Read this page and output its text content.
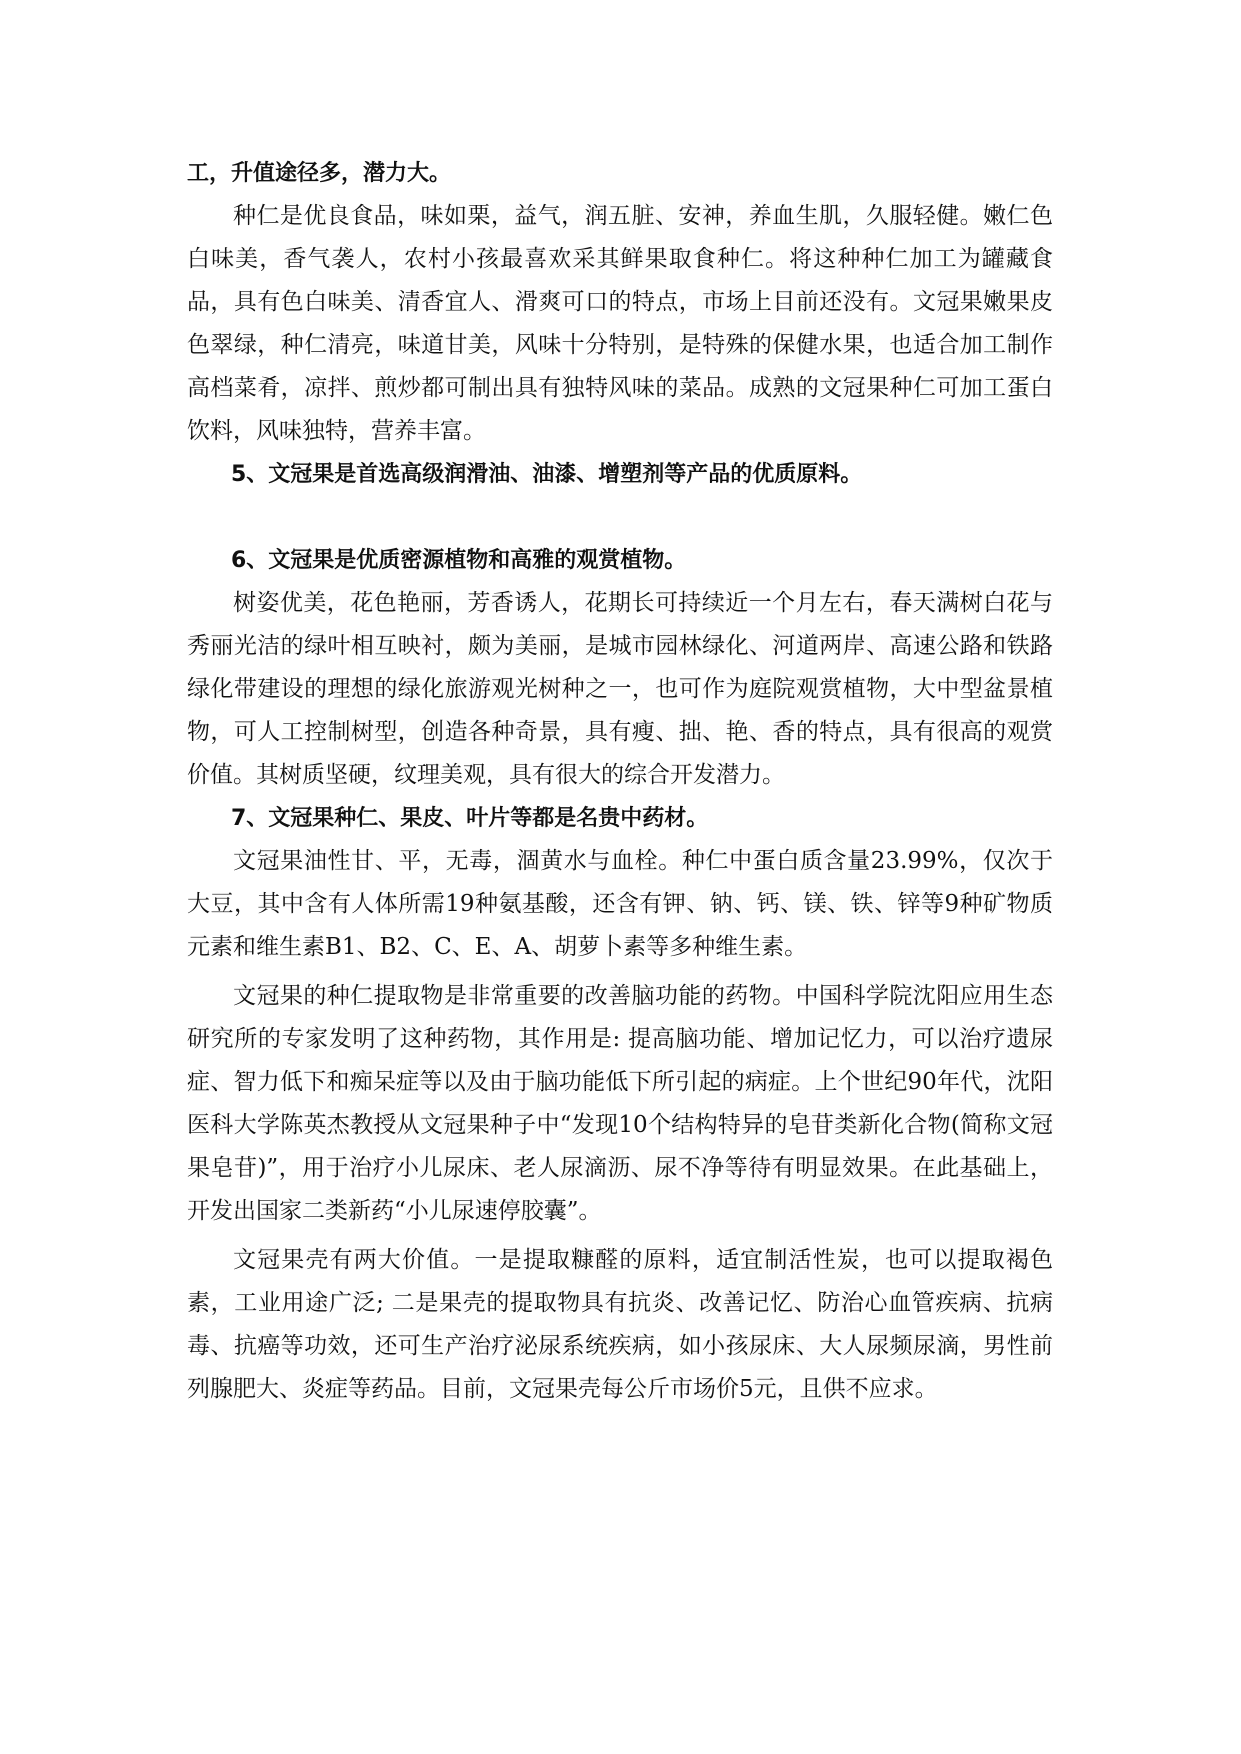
工，升值途径多，潜力大。

种仁是优良食品，味如栗，益气，润五脏、安神，养血生肌，久服轻健。嫩仁色白味美，香气袭人，农村小孩最喜欢采其鲜果取食种仁。将这种种仁加工为罐藏食品，具有色白味美、清香宜人、滑爽可口的特点，市场上目前还没有。文冠果嫩果皮色翠绿，种仁清亮，味道甘美，风味十分特别，是特殊的保健水果，也适合加工制作高档菜肴，凉拌、煎炒都可制出具有独特风味的菜品。成熟的文冠果种仁可加工蛋白饮料，风味独特，营养丰富。

5、文冠果是首选高级润滑油、油漆、增塑剂等产品的优质原料。

6、文冠果是优质密源植物和高雅的观赏植物。

树姿优美，花色艳丽，芳香诱人，花期长可持续近一个月左右，春天满树白花与秀丽光洁的绿叶相互映衬，颇为美丽，是城市园林绿化、河道两岸、高速公路和铁路绿化带建设的理想的绿化旅游观光树种之一，也可作为庭院观赏植物，大中型盆景植物，可人工控制树型，创造各种奇景，具有瘦、拙、艳、香的特点，具有很高的观赏价值。其树质坚硬，纹理美观，具有很大的综合开发潜力。

7、文冠果种仁、果皮、叶片等都是名贵中药材。

文冠果油性甘、平，无毒，涸黄水与血栓。种仁中蛋白质含量23.99%，仅次于大豆，其中含有人体所需19种氨基酸，还含有钾、钠、钙、镁、铁、锌等9种矿物质元素和维生素B1、B2、C、E、A、胡萝卜素等多种维生素。

文冠果的种仁提取物是非常重要的改善脑功能的药物。中国科学院沈阳应用生态研究所的专家发明了这种药物，其作用是: 提高脑功能、增加记忆力，可以治疗遗尿症、智力低下和痴呆症等以及由于脑功能低下所引起的病症。上个世纪90年代，沈阳医科大学陈英杰教授从文冠果种子中“发现10个结构特异的皂苷类新化合物(简称文冠果皂苷)”，用于治疗小儿尿床、老人尿滴沥、尿不净等待有明显效果。在此基础上，开发出国家二类新药“小儿尿速停胶囊”。

文冠果壳有两大价值。一是提取糠醛的原料，适宜制活性炭，也可以提取褐色素，工业用途广泛; 二是果壳的提取物具有抗炎、改善记忆、防治心血管疾病、抗病毒、抗癌等功效，还可生产治疗泌尿系统疾病，如小孩尿床、大人尿频尿滴，男性前列腺肥大、炎症等药品。目前，文冠果壳每公斤市场价5元，且供不应求。
